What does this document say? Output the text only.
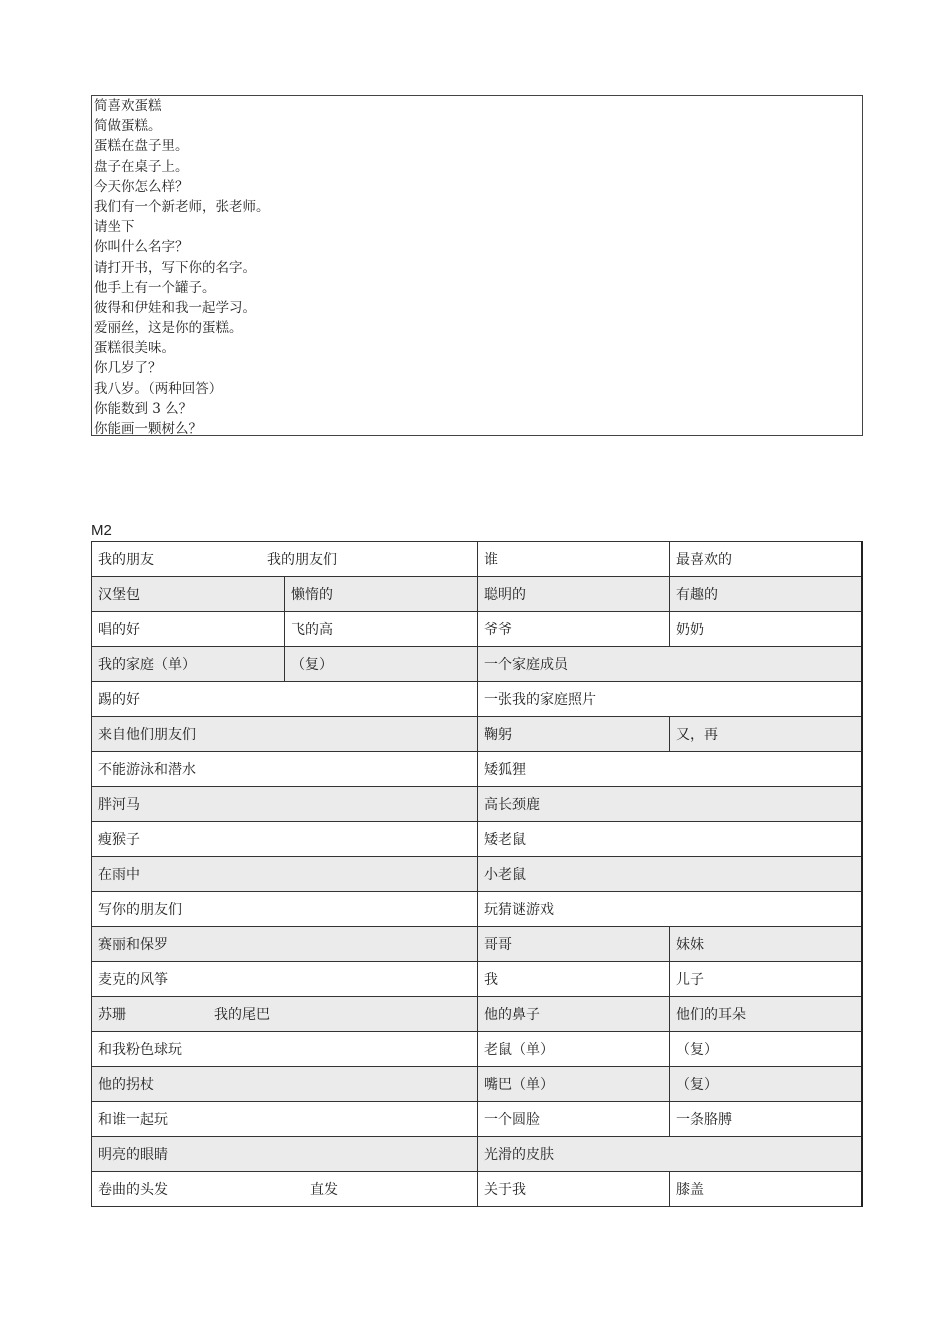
简喜欢蛋糕
简做蛋糕。
蛋糕在盘子里。
盘子在桌子上。
今天你怎么样？
我们有一个新老师，张老师。
请坐下
你叫什么名字？
请打开书，写下你的名字。
他手上有一个罐子。
彼得和伊娃和我一起学习。
爱丽丝，这是你的蛋糕。
蛋糕很美味。
你几岁了？
我八岁。（两种回答）
你能数到 3 么？
你能画一颗树么？
M2
我的朋友 我的朋友们		谁	最喜欢的
汉堡包	懒惰的	聪明的	有趣的
唱的好	飞的高	爷爷	奶奶
我的家庭（单）	（复）	一个家庭成员	
踢的好		一张我的家庭照片	
来自他们朋友们		鞠躬	又，再
不能游泳和潜水		矮狐狸	
胖河马		高长颈鹿	
瘦猴子		矮老鼠	
在雨中		小老鼠	
写你的朋友们		玩猜谜游戏	
赛丽和保罗		哥哥	妹妹
麦克的风筝		我	儿子
苏珊 我的尾巴		他的鼻子	他们的耳朵
和我粉色球玩		老鼠（单）	（复）
他的拐杖		嘴巴（单）	（复）
和谁一起玩		一个圆脸	一条胳膊
明亮的眼睛		光滑的皮肤	
卷曲的头发 直发		关于我	膝盖
